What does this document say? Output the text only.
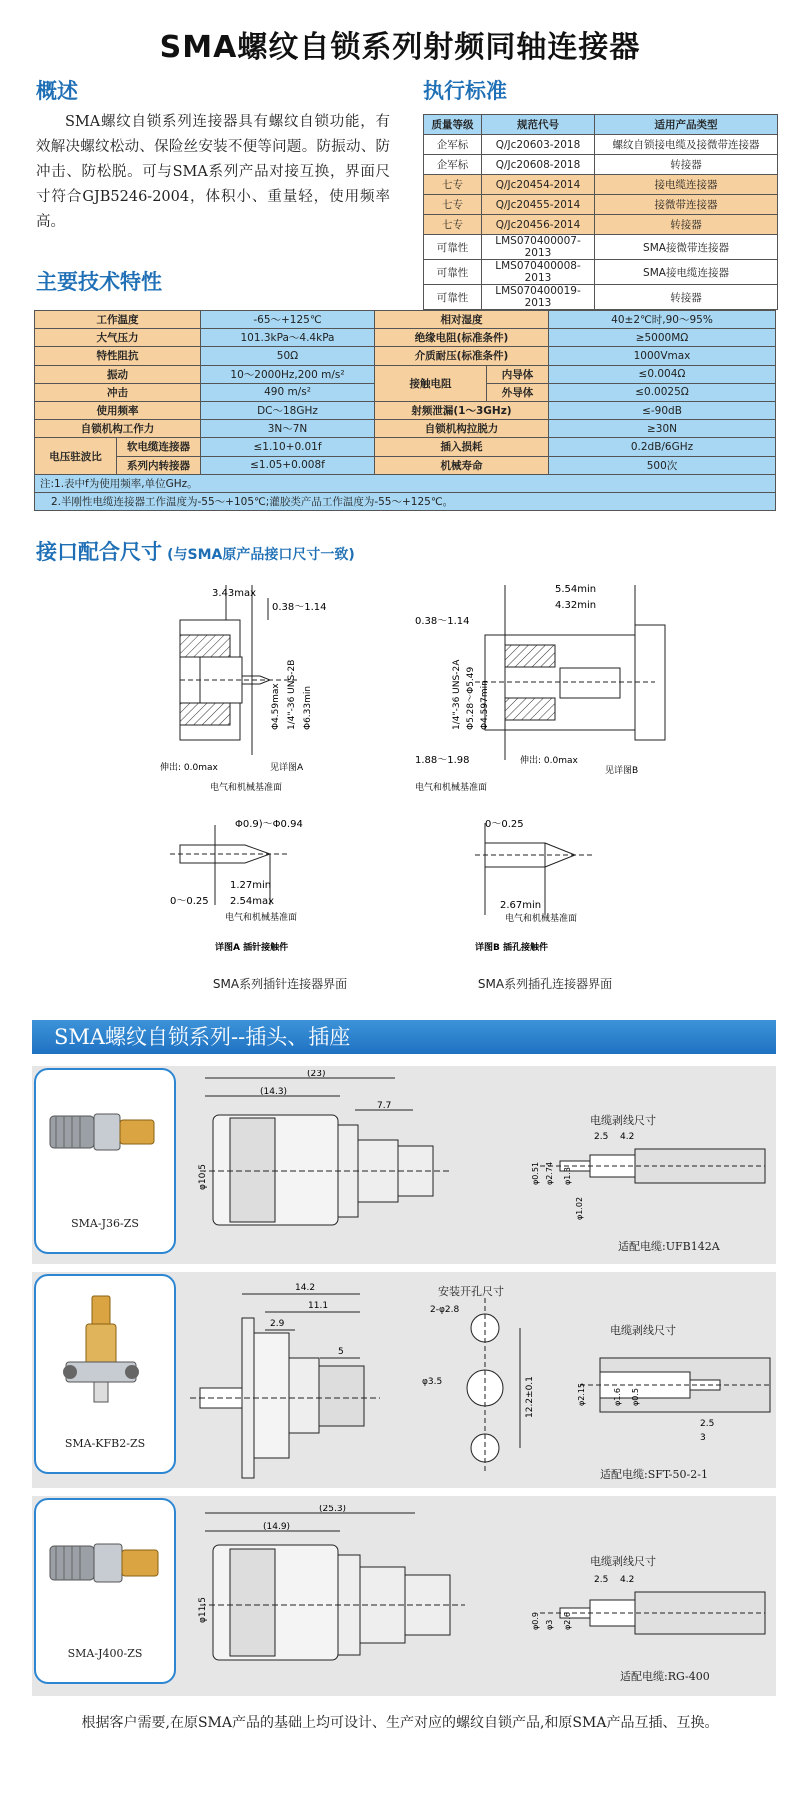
SMA螺纹自锁系列射频同轴连接器
概述
SMA螺纹自锁系列连接器具有螺纹自锁功能，有效解决螺纹松动、保险丝安装不便等问题。防振动、防冲击、防松脱。可与SMA系列产品对接互换，界面尺寸符合GJB5246-2004，体积小、重量轻，使用频率高。
执行标准
质量等级	规范代号	适用产品类型
企军标	Q/Jc20603-2018	螺纹自锁接电缆及接微带连接器
企军标	Q/Jc20608-2018	转接器
七专	Q/Jc20454-2014	接电缆连接器
七专	Q/Jc20455-2014	接微带连接器
七专	Q/Jc20456-2014	转接器
可靠性	LMS070400007-2013	SMA接微带连接器
可靠性	LMS070400008-2013	SMA接电缆连接器
可靠性	LMS070400019-2013	转接器
主要技术特性
工作温度		-65～+125℃	相对湿度		40±2℃时,90～95%
大气压力		101.3kPa～4.4kPa	绝缘电阻(标准条件)		≥5000MΩ
特性阻抗		50Ω	介质耐压(标准条件)		1000Vmax
振动		10～2000Hz,200 m/s²	接触电阻	内导体	≤0.004Ω
冲击		490 m/s²		外导体	≤0.0025Ω
使用频率		DC～18GHz	射频泄漏(1～3GHz)		≤-90dB
自锁机构工作力		3N～7N	自锁机构拉脱力		≥30N
电压驻波比	软电缆连接器	≤1.10+0.01f	插入损耗		0.2dB/6GHz
	系列内转接器	≤1.05+0.008f	机械寿命		500次
注:1.表中f为使用频率,单位GHz。					
2.半刚性电缆连接器工作温度为-55～+105℃;灌胶类产品工作温度为-55～+125℃。					
接口配合尺寸 (与SMA原产品接口尺寸一致)
3.43max
0.38～1.14
Φ4.59max 1/4"-36 UNS-2B Φ6.33min
伸出: 0.0max	见详图A
电气和机械基准面
5.54min
4.32min
0.38～1.14
1/4"-36 UNS-2A Φ5.28～Φ5.49 Φ4.597min
1.88～1.98	伸出: 0.0max
见详图B
电气和机械基准面
Φ0.9)～Φ0.94
1.27min
0～0.25 2.54max
电气和机械基准面
详图A 插针接触件
SMA系列插针连接器界面
0～0.25
2.67min
电气和机械基准面
详图B 插孔接触件
SMA系列插孔连接器界面
SMA螺纹自锁系列--插头、插座
SMA-J36-ZS
(23)
(14.3)
7.7
φ10.5
电缆剥线尺寸
2.5 4.2
φ0.51 φ2.74 φ1.3
φ1.02
适配电缆:UFB142A
SMA-KFB2-ZS
14.2
11.1
2.9
5
安装开孔尺寸
2-φ2.8
φ3.5	12.2±0.1
电缆剥线尺寸
φ2.15	φ1.6 φ0.5
2.5
3
适配电缆:SFT-50-2-1
SMA-J400-ZS
(25.3)
(14.9)
φ11.5
电缆剥线尺寸
2.5 4.2
φ0.9 φ3 φ2.6
适配电缆:RG-400
根据客户需要,在原SMA产品的基础上均可设计、生产对应的螺纹自锁产品,和原SMA产品互插、互换。
